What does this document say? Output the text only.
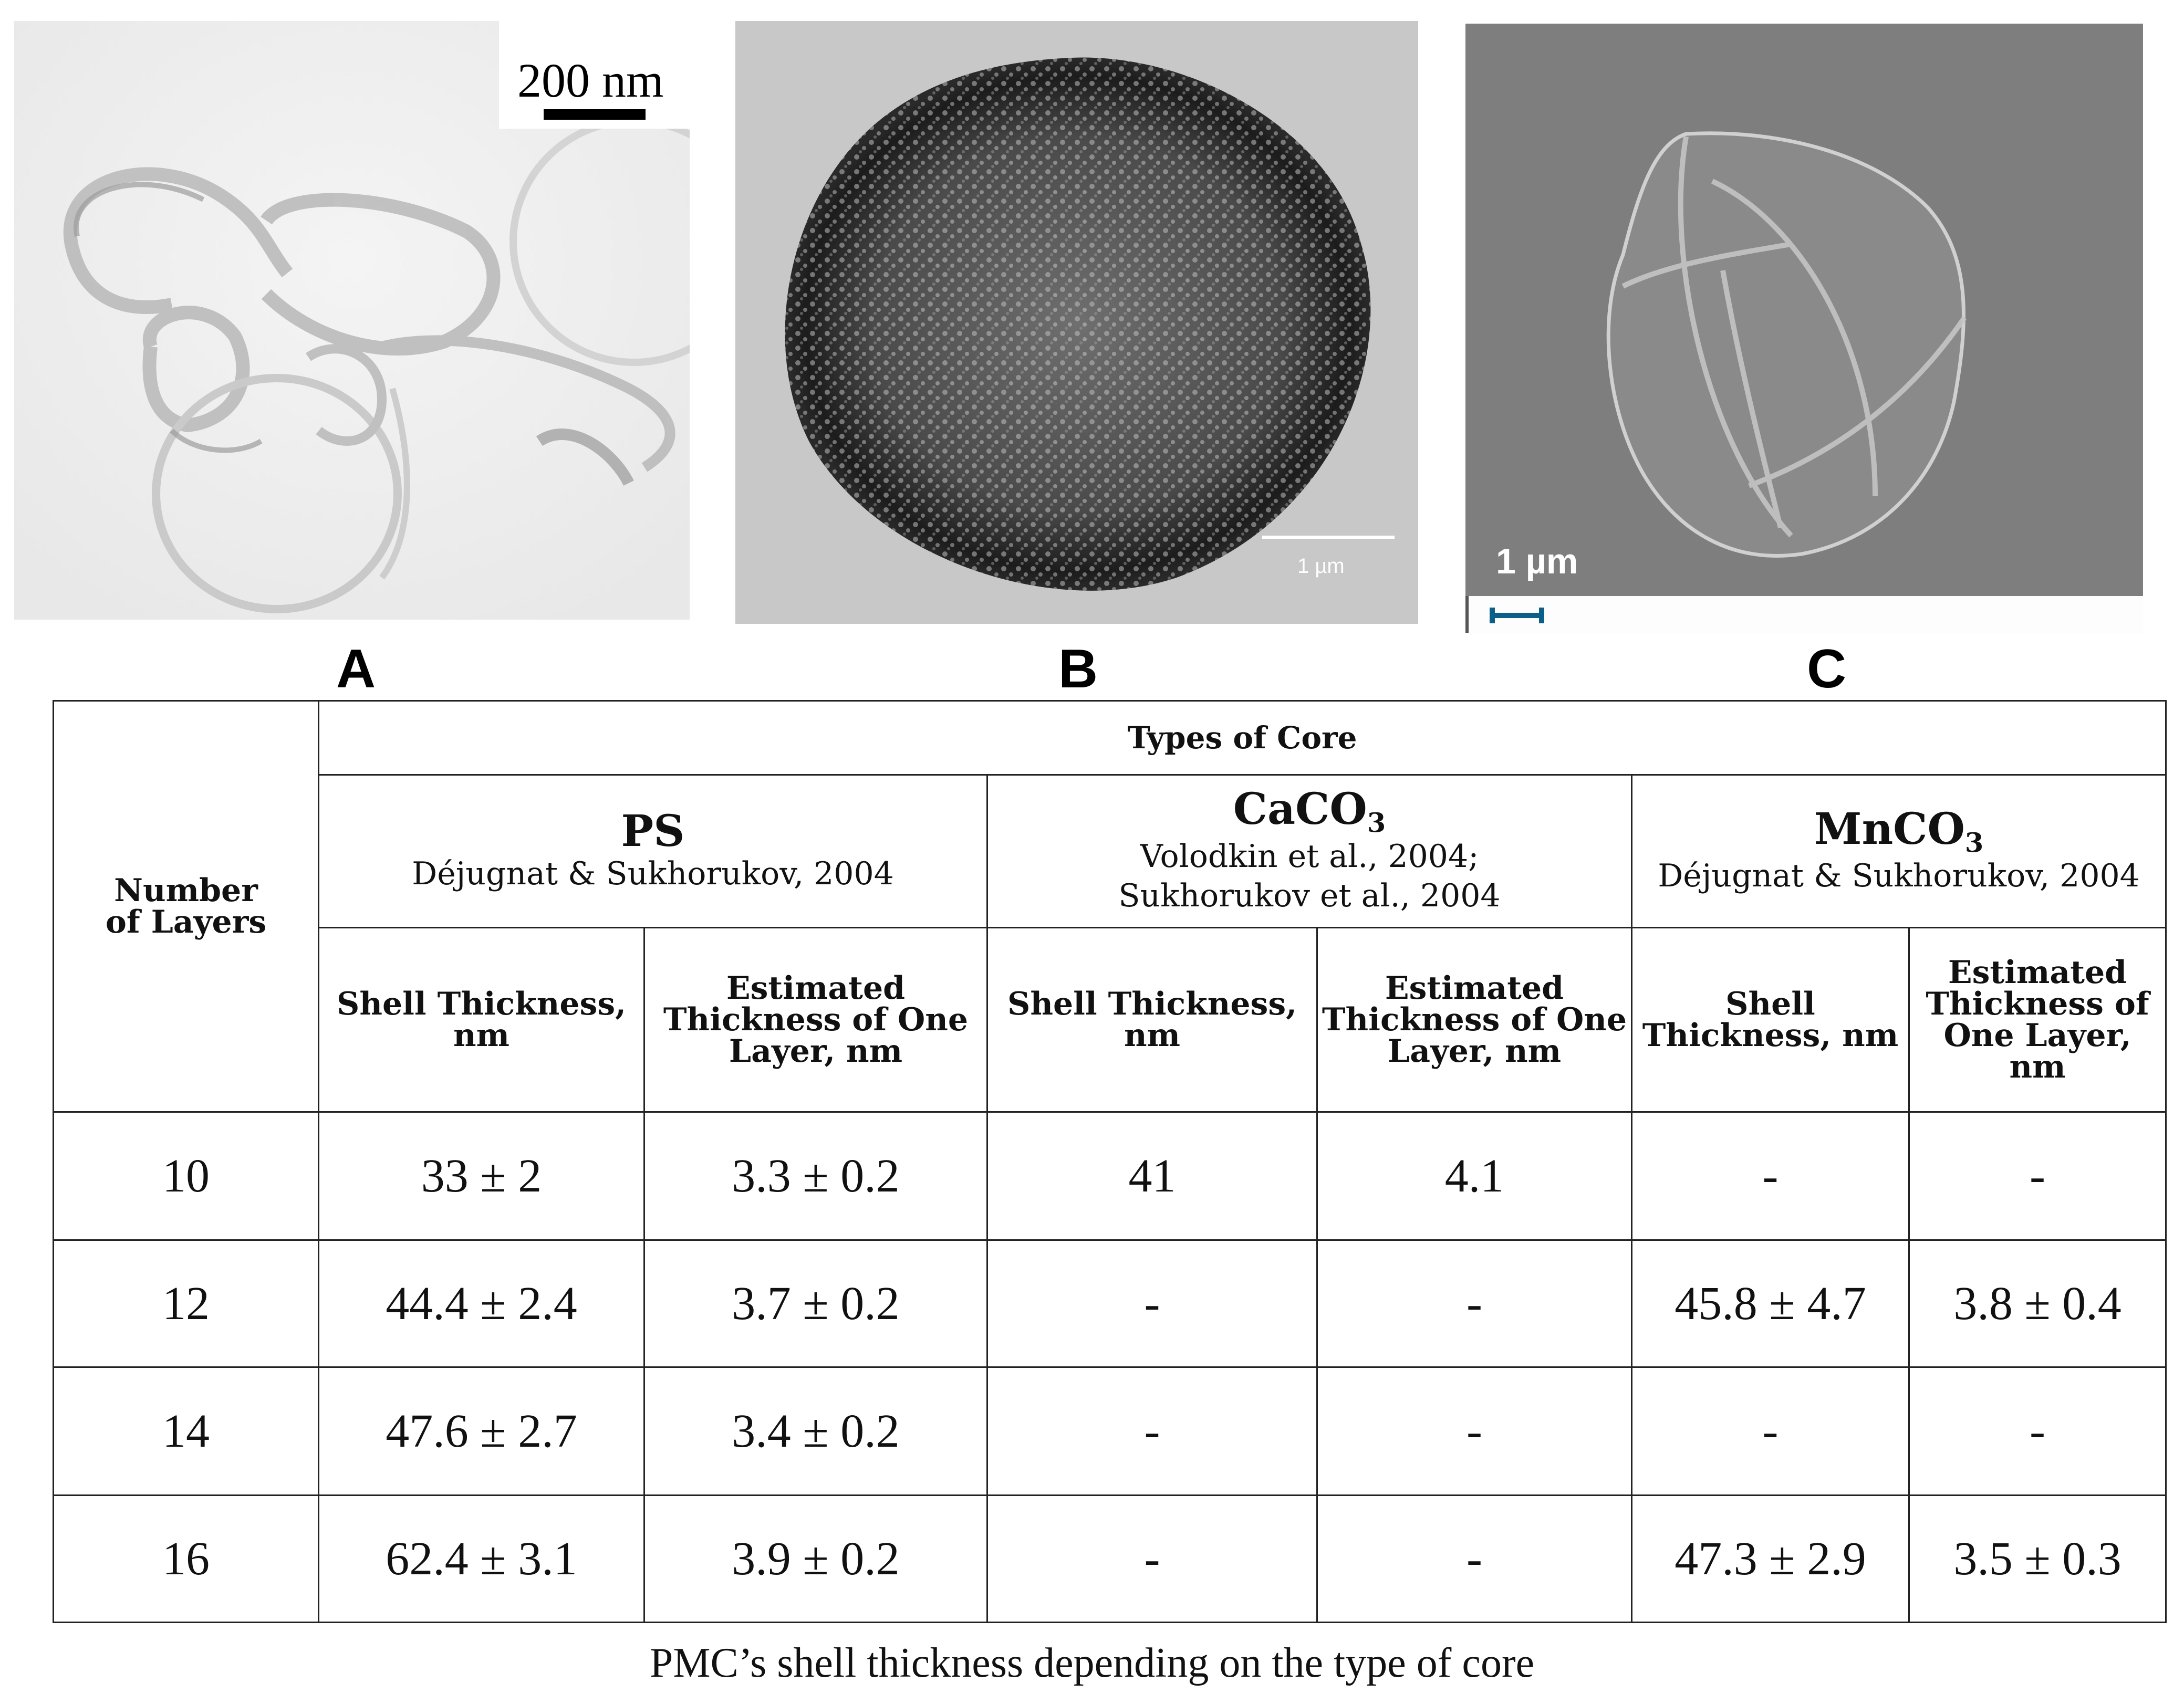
200 nm
1 µm	1 µm
A	B	C
Number of Layers	Types of Core					

PS
Déjugnat & Sukhorukov, 2004

CaCO$_3$
Volodkin et al., 2004;
Sukhorukov et al., 2004

MnCO$_3$
Déjugnat & Sukhorukov, 2004

	Shell Thickness, nm	Estimated Thickness of One Layer, nm	Shell Thickness, nm	Estimated Thickness of One Layer, nm	Shell Thickness, nm	Estimated Thickness of One Layer, nm
10	33 ± 2	3.3 ± 0.2	41	4.1	-	-
12	44.4 ± 2.4	3.7 ± 0.2	-	-	45.8 ± 4.7	3.8 ± 0.4
14	47.6 ± 2.7	3.4 ± 0.2	-	-	-	-
16	62.4 ± 3.1	3.9 ± 0.2	-	-	47.3 ± 2.9	3.5 ± 0.3
PMC’s shell thickness depending on the type of core
